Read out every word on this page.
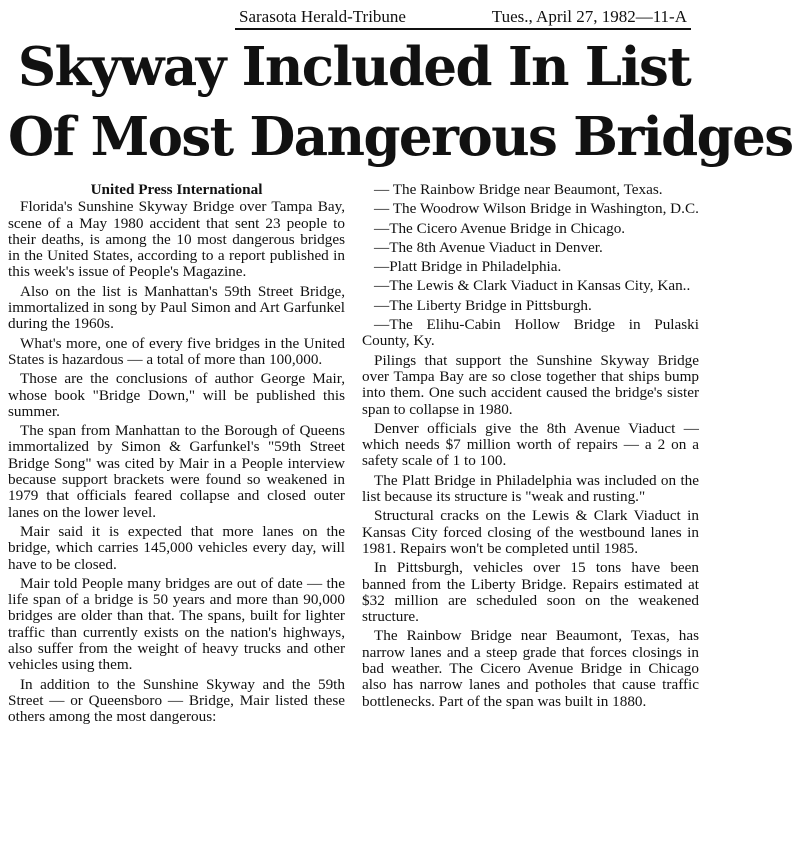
Sarasota Herald-Tribune	Tues., April 27, 1982—11-A
Skyway Included In List
Of Most Dangerous Bridges

United Press International

Florida's Sunshine Skyway Bridge over Tampa Bay, scene of a May 1980 accident that sent 23 people to their deaths, is among the 10 most dangerous bridges in the United States, according to a report published in this week's issue of People's Magazine.

Also on the list is Manhattan's 59th Street Bridge, immortalized in song by Paul Simon and Art Garfunkel during the 1960s.

What's more, one of every five bridges in the United States is hazardous — a total of more than 100,000.

Those are the conclusions of author George Mair, whose book "Bridge Down," will be published this summer.

The span from Manhattan to the Borough of Queens immortalized by Simon & Garfunkel's "59th Street Bridge Song" was cited by Mair in a People interview because support brackets were found so weakened in 1979 that officials feared collapse and closed outer lanes on the lower level.

Mair said it is expected that more lanes on the bridge, which carries 145,000 vehicles every day, will have to be closed.

Mair told People many bridges are out of date — the life span of a bridge is 50 years and more than 90,000 bridges are older than that. The spans, built for lighter traffic than currently exists on the nation's highways, also suffer from the weight of heavy trucks and other vehicles using them.

In addition to the Sunshine Skyway and the 59th Street — or Queensboro — Bridge, Mair listed these others among the most dangerous:

— The Rainbow Bridge near Beaumont, Texas.

— The Woodrow Wilson Bridge in Washington, D.C.

—The Cicero Avenue Bridge in Chicago.

—The 8th Avenue Viaduct in Denver.

—Platt Bridge in Philadelphia.

—The Lewis & Clark Viaduct in Kansas City, Kan..

—The Liberty Bridge in Pittsburgh.

—The Elihu-Cabin Hollow Bridge in Pulaski County, Ky.

Pilings that support the Sunshine Skyway Bridge over Tampa Bay are so close together that ships bump into them. One such accident caused the bridge's sister span to collapse in 1980.

Denver officials give the 8th Avenue Viaduct — which needs $7 million worth of repairs — a 2 on a safety scale of 1 to 100.

The Platt Bridge in Philadelphia was included on the list because its structure is "weak and rusting."

Structural cracks on the Lewis & Clark Viaduct in Kansas City forced closing of the westbound lanes in 1981. Repairs won't be completed until 1985.

In Pittsburgh, vehicles over 15 tons have been banned from the Liberty Bridge. Repairs estimated at $32 million are scheduled soon on the weakened structure.

The Rainbow Bridge near Beaumont, Texas, has narrow lanes and a steep grade that forces closings in bad weather. The Cicero Avenue Bridge in Chicago also has narrow lanes and potholes that cause traffic bottlenecks. Part of the span was built in 1880.
